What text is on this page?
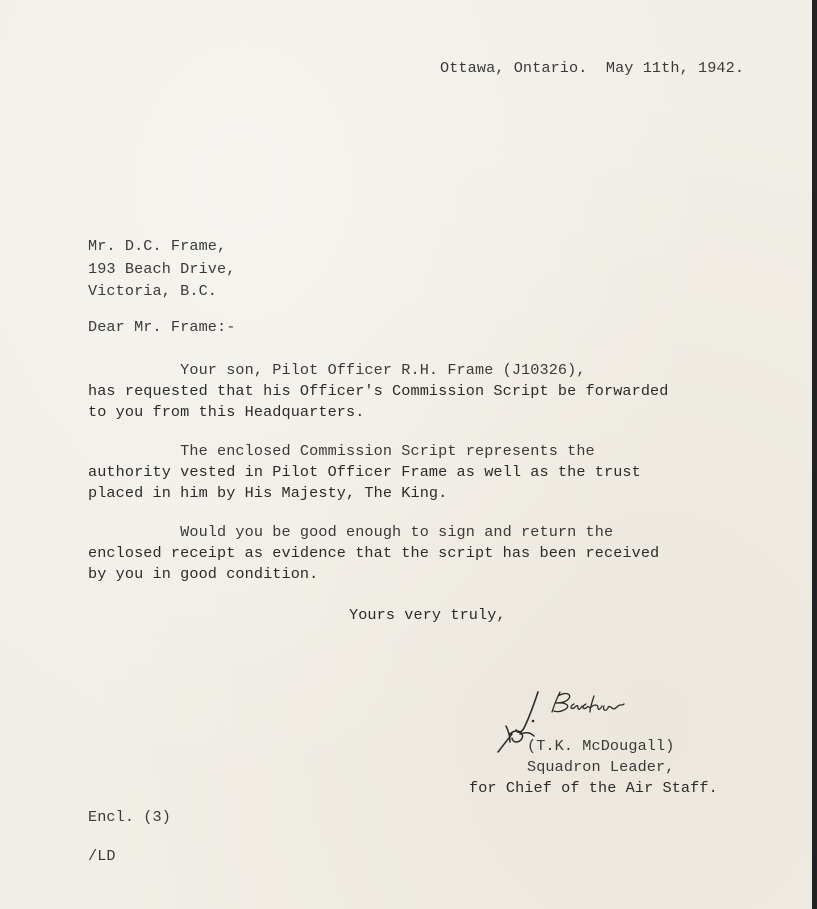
Ottawa, Ontario.  May 11th, 1942.
Mr. D.C. Frame,
193 Beach Drive,
Victoria, B.C.
Dear Mr. Frame:-
Your son, Pilot Officer R.H. Frame (J10326),
has requested that his Officer's Commission Script be forwarded
to you from this Headquarters.
The enclosed Commission Script represents the
authority vested in Pilot Officer Frame as well as the trust
placed in him by His Majesty, The King.
Would you be good enough to sign and return the
enclosed receipt as evidence that the script has been received
by you in good condition.
Yours very truly,
(T.K. McDougall)
Squadron Leader,
for Chief of the Air Staff.
Encl. (3)
/LD
